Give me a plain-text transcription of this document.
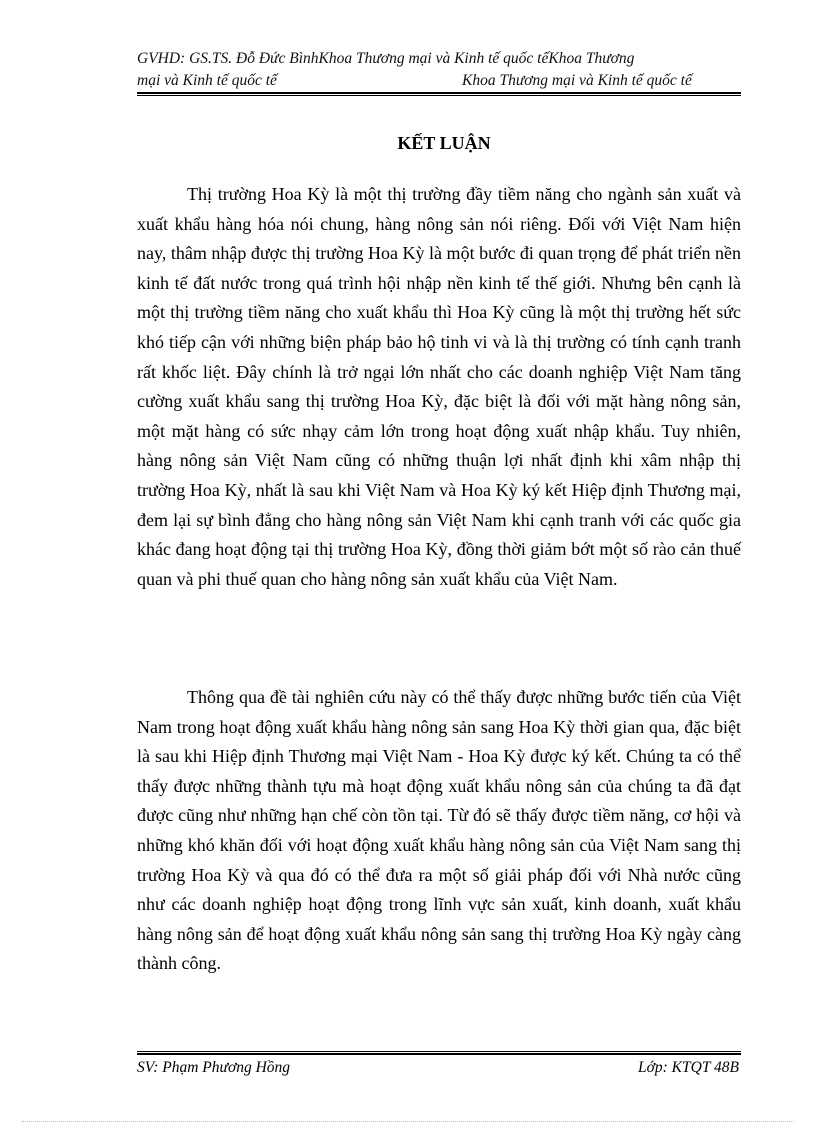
GVHD: GS.TS. Đỗ Đức BìnhKhoa Thương mại và Kinh tế quốc tếKhoa Thương
mại và Kinh tế quốc tế	Khoa Thương mại và Kinh tế quốc tế
KẾT LUẬN

Thị trường Hoa Kỳ là một thị trường đầy tiềm năng cho ngành sản xuất và xuất khẩu hàng hóa nói chung, hàng nông sản nói riêng. Đối với Việt Nam hiện nay, thâm nhập được thị trường Hoa Kỳ là một bước đi quan trọng để phát triển nền kinh tế đất nước trong quá trình hội nhập nền kinh tế thế giới. Nhưng bên cạnh là một thị trường tiềm năng cho xuất khẩu thì Hoa Kỳ cũng là một thị trường hết sức khó tiếp cận với những biện pháp bảo hộ tinh vi và là thị trường có tính cạnh tranh rất khốc liệt. Đây chính là trở ngại lớn nhất cho các doanh nghiệp Việt Nam tăng cường xuất khẩu sang thị trường Hoa Kỳ, đặc biệt là đối với mặt hàng nông sản, một mặt hàng có sức nhạy cảm lớn trong hoạt động xuất nhập khẩu. Tuy nhiên, hàng nông sản Việt Nam cũng có những thuận lợi nhất định khi xâm nhập thị trường Hoa Kỳ, nhất là sau khi Việt Nam và Hoa Kỳ ký kết Hiệp định Thương mại, đem lại sự bình đẳng cho hàng nông sản Việt Nam khi cạnh tranh với các quốc gia khác đang hoạt động tại thị trường Hoa Kỳ, đồng thời giảm bớt một số rào cản thuế quan và phi thuế quan cho hàng nông sản xuất khẩu của Việt Nam.

Thông qua đề tài nghiên cứu này có thể thấy được những bước tiến của Việt Nam trong hoạt động xuất khẩu hàng nông sản sang Hoa Kỳ thời gian qua, đặc biệt là sau khi Hiệp định Thương mại Việt Nam - Hoa Kỳ được ký kết. Chúng ta có thể thấy được những thành tựu mà hoạt động xuất khẩu nông sản của chúng ta đã đạt được cũng như những hạn chế còn tồn tại. Từ đó sẽ thấy được tiềm năng, cơ hội và những khó khăn đối với hoạt động xuất khẩu hàng nông sản của Việt Nam sang thị trường Hoa Kỳ và qua đó có thể đưa ra một số giải pháp đối với Nhà nước cũng như các doanh nghiệp hoạt động trong lĩnh vực sản xuất, kinh doanh, xuất khẩu hàng nông sản để hoạt động xuất khẩu nông sản sang thị trường Hoa Kỳ ngày càng thành công.

SV: Phạm Phương Hồng	Lớp: KTQT 48B
